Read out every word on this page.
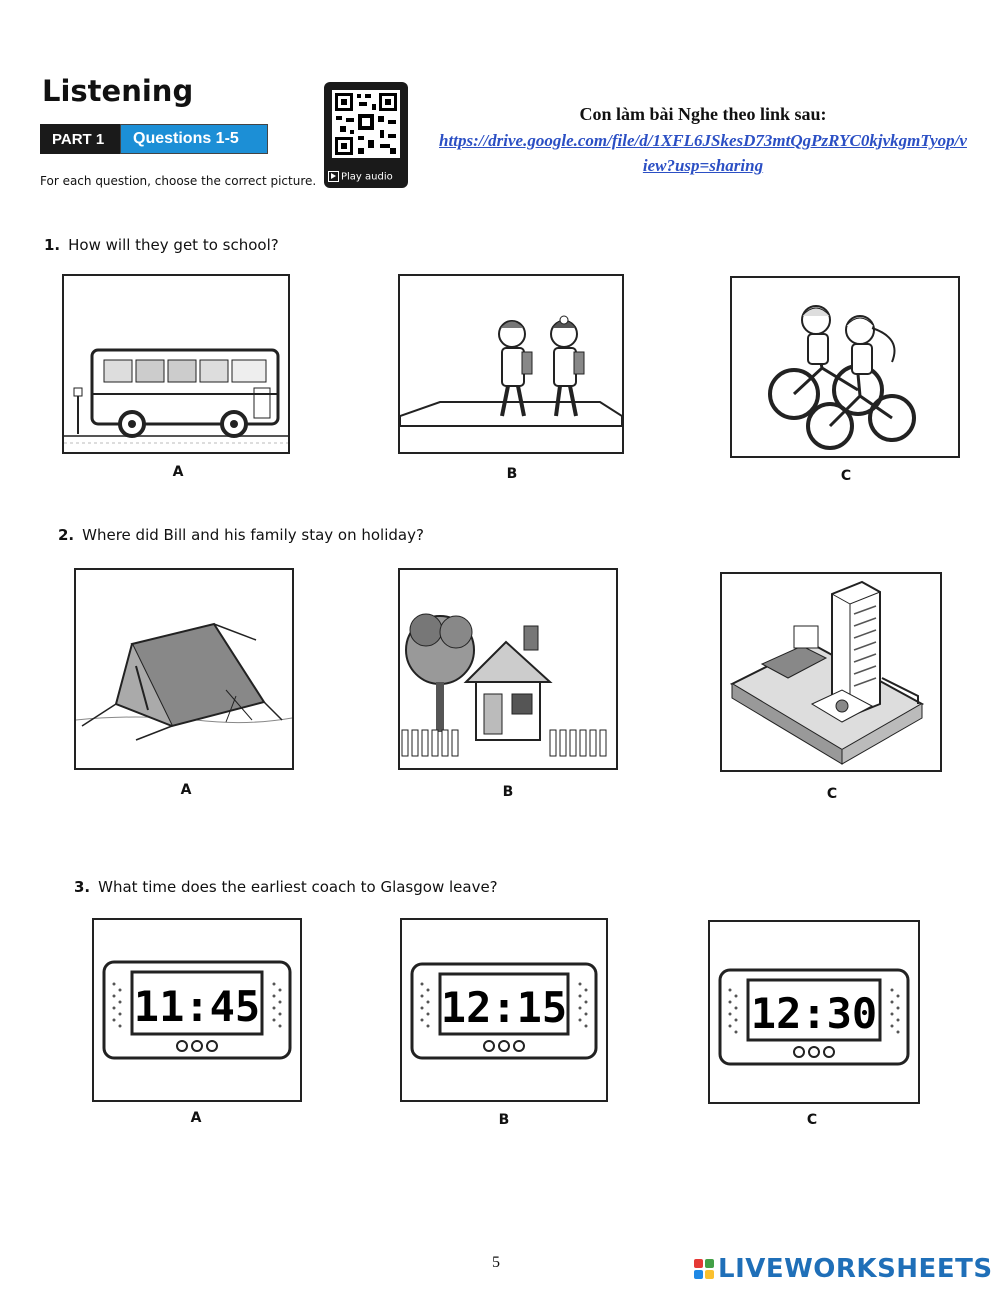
Listening
PART 1	Questions 1-5
For each question, choose the correct picture.	Play audio
Con làm bài Nghe theo link sau:
https://drive.google.com/file/d/1XFL6JSkesD73mtQgPzRYC0kjvkgmTyop/view?usp=sharing
1. How will they get to school?
A	B	C
2. Where did Bill and his family stay on holiday?
A	B	C
3. What time does the earliest coach to Glasgow leave?
11:45
A
12:15
B
12:30
C
5	LIVEWORKSHEETS
